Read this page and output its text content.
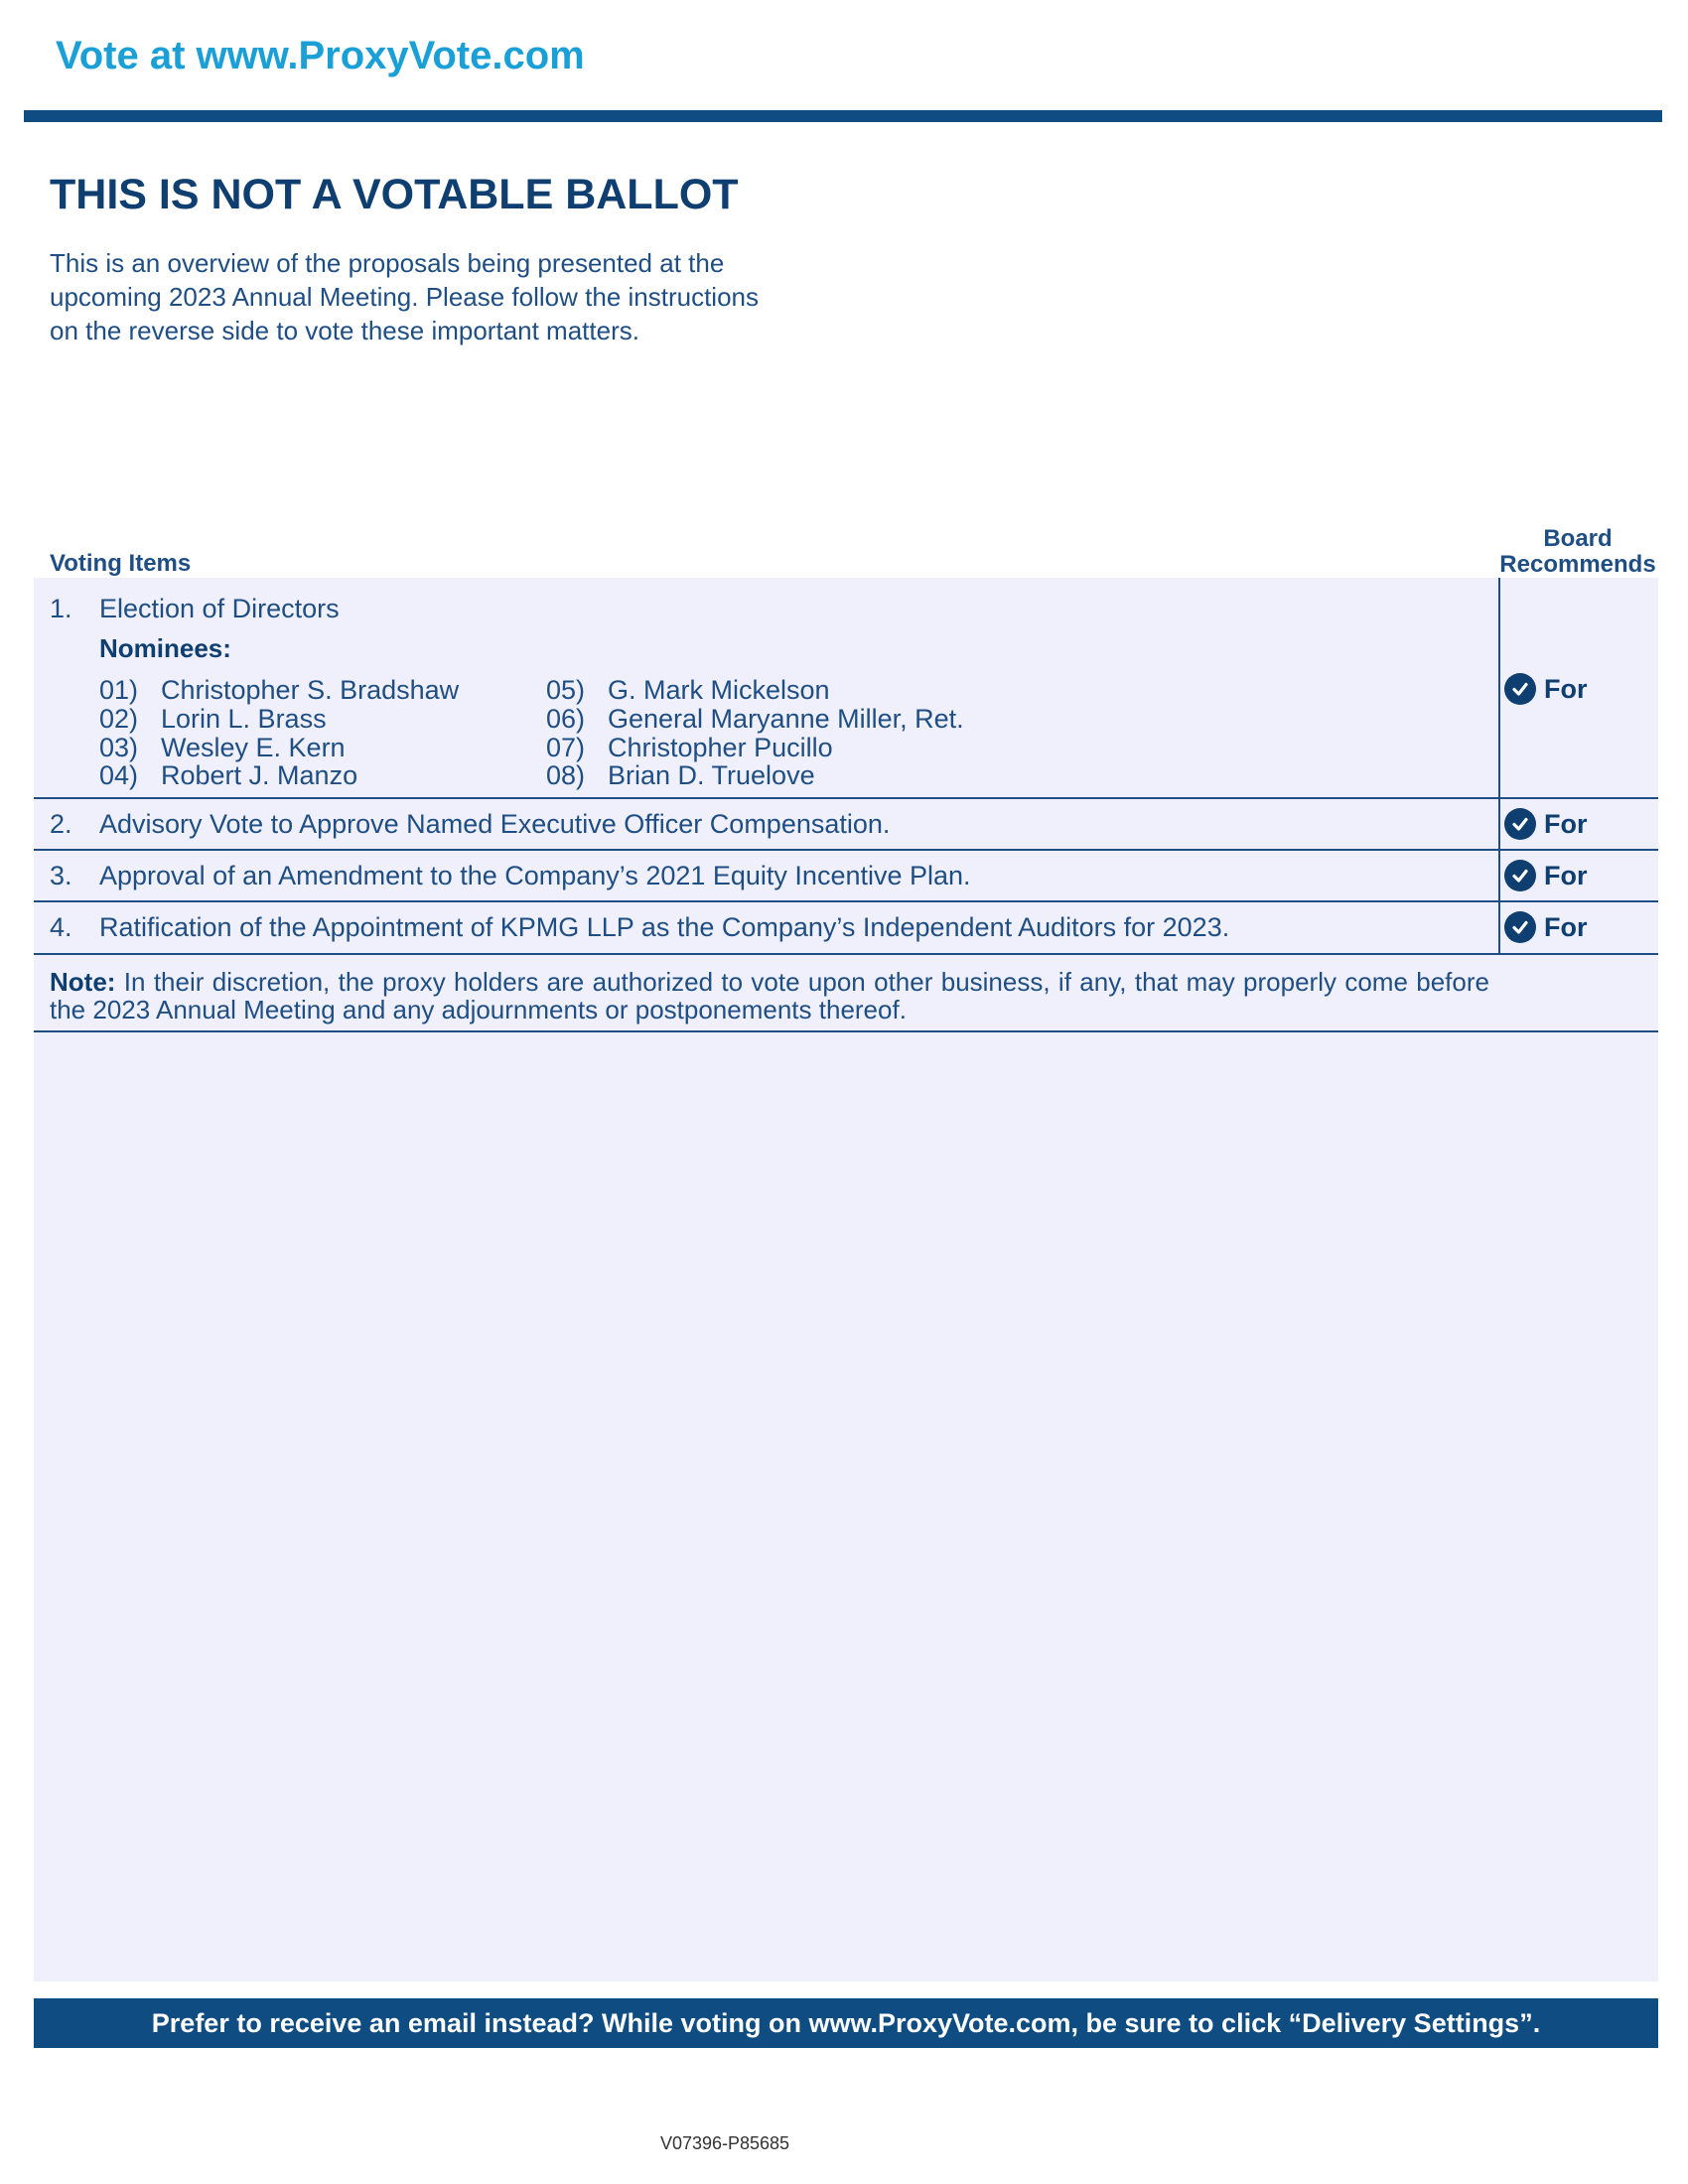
Vote at www.ProxyVote.com
THIS IS NOT A VOTABLE BALLOT
This is an overview of the proposals being presented at the
upcoming 2023 Annual Meeting. Please follow the instructions
on the reverse side to vote these important matters.
Voting Items
Board
Recommends
1. Election of Directors
Nominees:
01) Christopher S. Bradshaw
02) Lorin L. Brass
03) Wesley E. Kern
04) Robert J. Manzo
05) G. Mark Mickelson
06) General Maryanne Miller, Ret.
07) Christopher Pucillo
08) Brian D. Truelove
For
2. Advisory Vote to Approve Named Executive Officer Compensation.	For
3. Approval of an Amendment to the Company’s 2021 Equity Incentive Plan.	For
4. Ratification of the Appointment of KPMG LLP as the Company’s Independent Auditors for 2023.	For
Note: In their discretion, the proxy holders are authorized to vote upon other business, if any, that may properly come before the 2023 Annual Meeting and any adjournments or postponements thereof.
Prefer to receive an email instead? While voting on www.ProxyVote.com, be sure to click “Delivery Settings”.
V07396-P85685
